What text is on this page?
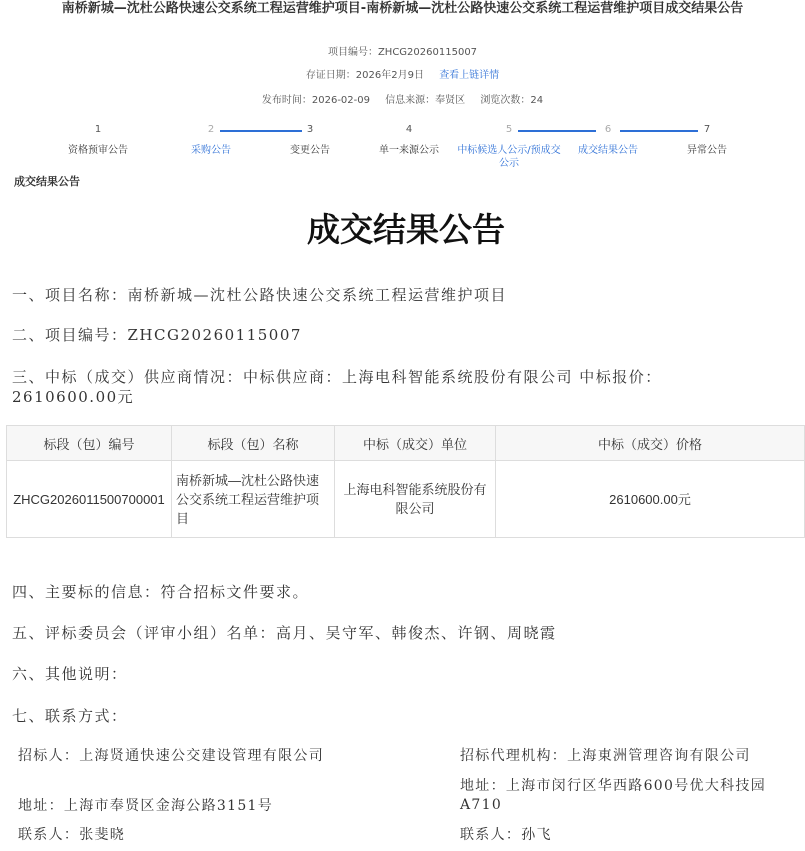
南桥新城—沈杜公路快速公交系统工程运营维护项目-南桥新城—沈杜公路快速公交系统工程运营维护项目成交结果公告
项目编号：ZHCG20260115007
存证日期：2026年2月9日 查看上链详情
发布时间：2026-02-09 信息来源：奉贤区 浏览次数：24
1
资格预审公告
2
采购公告
3
变更公告
4
单一来源公示
5
中标候选人公示/预成交公示
6
成交结果公告
7
异常公告
成交结果公告
成交结果公告
一、项目名称：南桥新城—沈杜公路快速公交系统工程运营维护项目
二、项目编号：ZHCG20260115007
三、中标（成交）供应商情况：中标供应商：上海电科智能系统股份有限公司 中标报价：
2610600.00元
标段（包）编号	标段（包）名称	中标（成交）单位	中标（成交）价格
ZHCG2026011500700001	南桥新城—沈杜公路快速公交系统工程运营维护项目	上海电科智能系统股份有限公司	2610600.00元
四、主要标的信息：符合招标文件要求。
五、评标委员会（评审小组）名单：高月、吴守军、韩俊杰、许钢、周晓霞
六、其他说明：
七、联系方式：
招标人：上海贤通快速公交建设管理有限公司
地址：上海市奉贤区金海公路3151号
联系人：张斐晓
招标代理机构：上海東洲管理咨询有限公司
地址：上海市闵行区华西路600号优大科技园A710
联系人：孙飞
